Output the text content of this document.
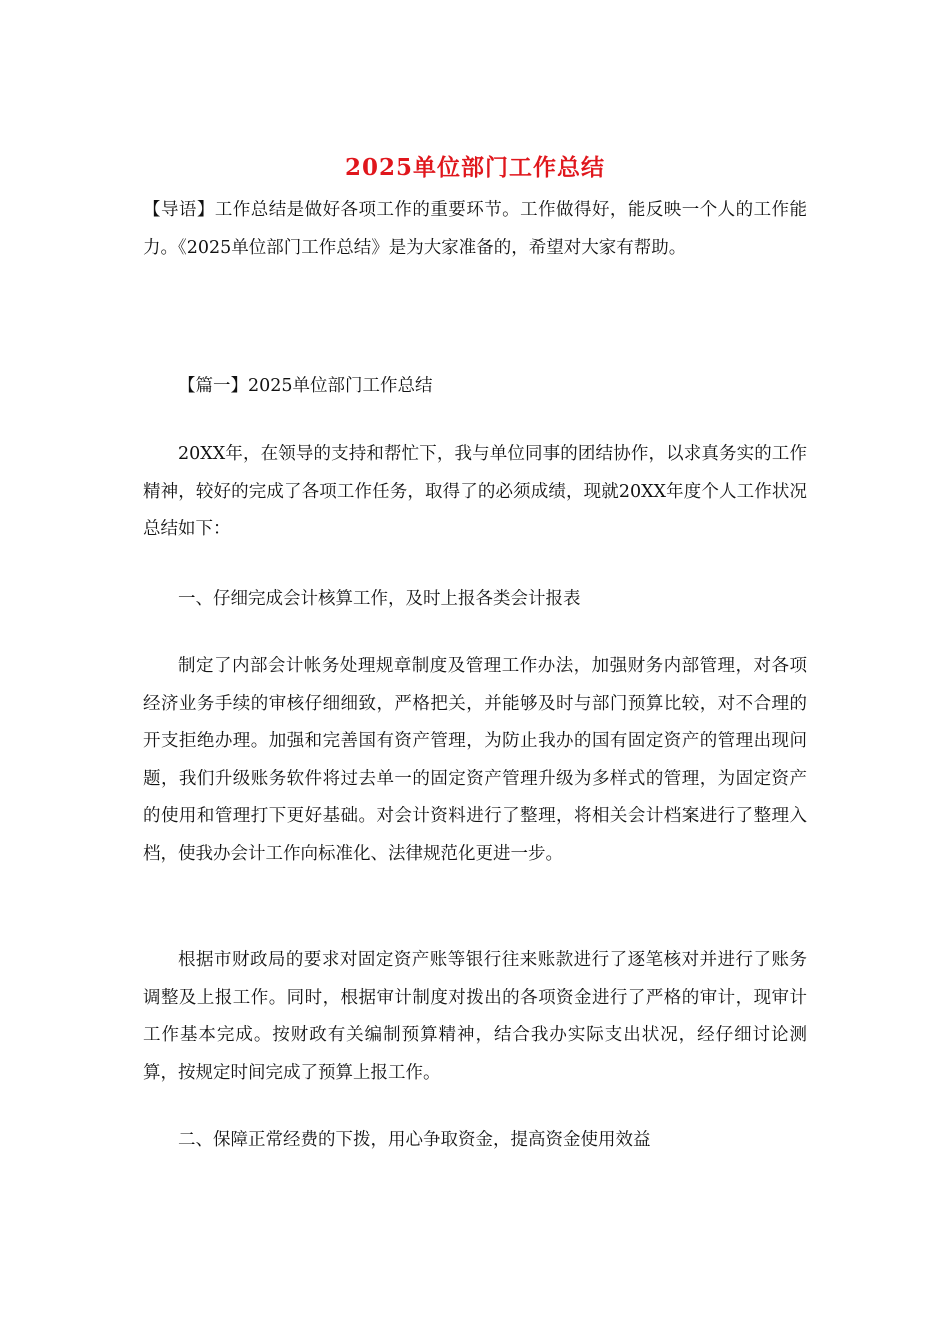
2025单位部门工作总结
【导语】工作总结是做好各项工作的重要环节。工作做得好，能反映一个人的工作能力。《2025单位部门工作总结》是为大家准备的，希望对大家有帮助。
【篇一】2025单位部门工作总结
20XX年，在领导的支持和帮忙下，我与单位同事的团结协作，以求真务实的工作精神，较好的完成了各项工作任务，取得了的必须成绩，现就20XX年度个人工作状况总结如下：
一、仔细完成会计核算工作，及时上报各类会计报表
制定了内部会计帐务处理规章制度及管理工作办法，加强财务内部管理，对各项经济业务手续的审核仔细细致，严格把关，并能够及时与部门预算比较，对不合理的开支拒绝办理。加强和完善国有资产管理，为防止我办的国有固定资产的管理出现问题，我们升级账务软件将过去单一的固定资产管理升级为多样式的管理，为固定资产的使用和管理打下更好基础。对会计资料进行了整理，将相关会计档案进行了整理入档，使我办会计工作向标准化、法律规范化更进一步。
根据市财政局的要求对固定资产账等银行往来账款进行了逐笔核对并进行了账务调整及上报工作。同时，根据审计制度对拨出的各项资金进行了严格的审计，现审计工作基本完成。按财政有关编制预算精神，结合我办实际支出状况，经仔细讨论测算，按规定时间完成了预算上报工作。
二、保障正常经费的下拨，用心争取资金，提高资金使用效益
